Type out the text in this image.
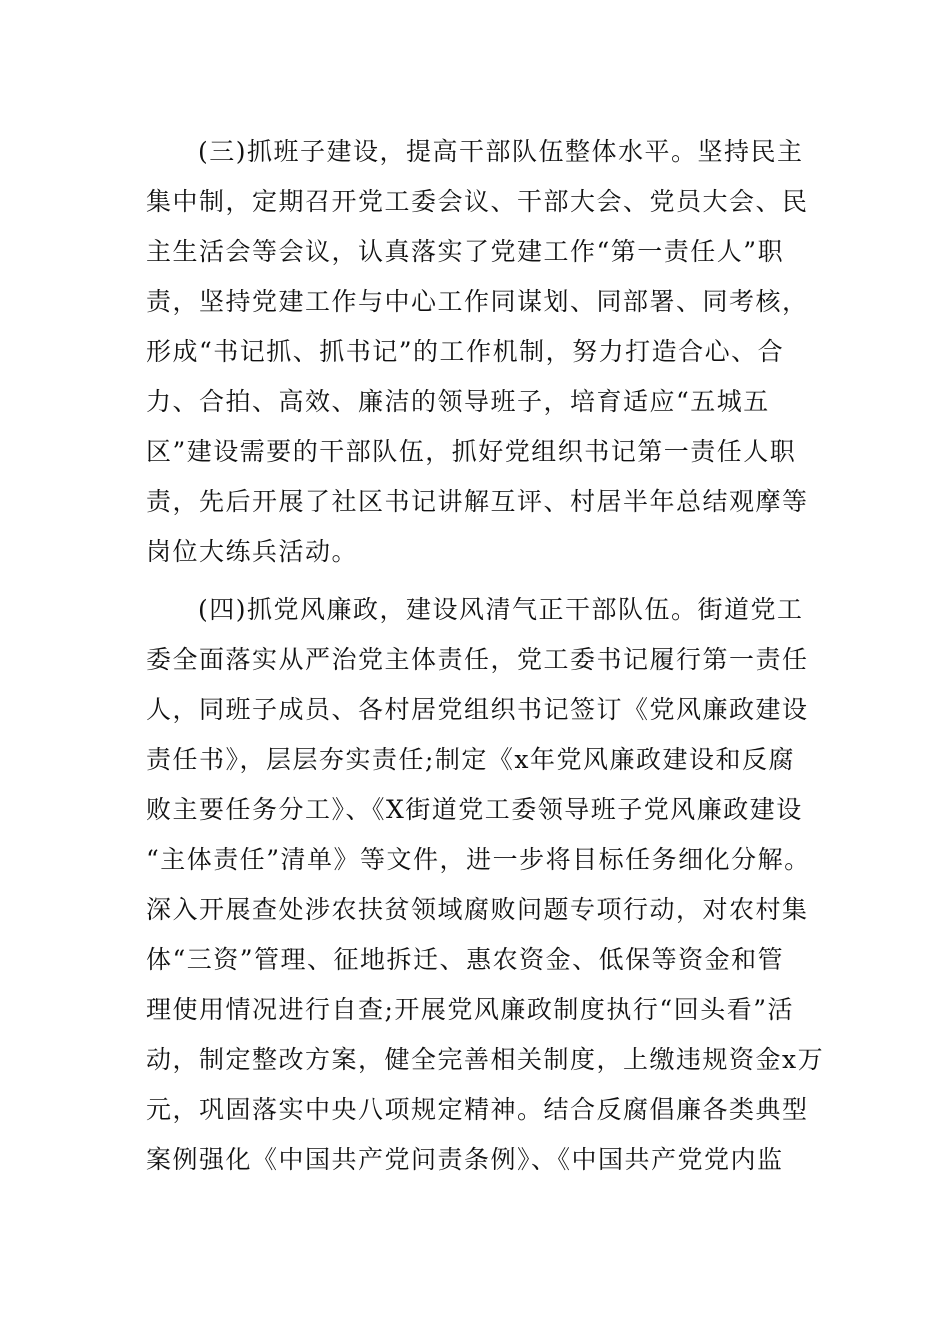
(三)抓班子建设，提高干部队伍整体水平。坚持民主
集中制，定期召开党工委会议、干部大会、党员大会、民
主生活会等会议，认真落实了党建工作“第一责任人”职
责，坚持党建工作与中心工作同谋划、同部署、同考核，
形成“书记抓、抓书记”的工作机制，努力打造合心、合
力、合拍、高效、廉洁的领导班子，培育适应“五城五
区”建设需要的干部队伍，抓好党组织书记第一责任人职
责，先后开展了社区书记讲解互评、村居半年总结观摩等
岗位大练兵活动。
(四)抓党风廉政，建设风清气正干部队伍。街道党工
委全面落实从严治党主体责任，党工委书记履行第一责任
人，同班子成员、各村居党组织书记签订《党风廉政建设
责任书》，层层夯实责任;制定《x年党风廉政建设和反腐
败主要任务分工》、《X街道党工委领导班子党风廉政建设
“主体责任”清单》等文件，进一步将目标任务细化分解。
深入开展查处涉农扶贫领域腐败问题专项行动，对农村集
体“三资”管理、征地拆迁、惠农资金、低保等资金和管
理使用情况进行自查;开展党风廉政制度执行“回头看”活
动，制定整改方案，健全完善相关制度，上缴违规资金x万
元，巩固落实中央八项规定精神。结合反腐倡廉各类典型
案例强化《中国共产党问责条例》、《中国共产党党内监
